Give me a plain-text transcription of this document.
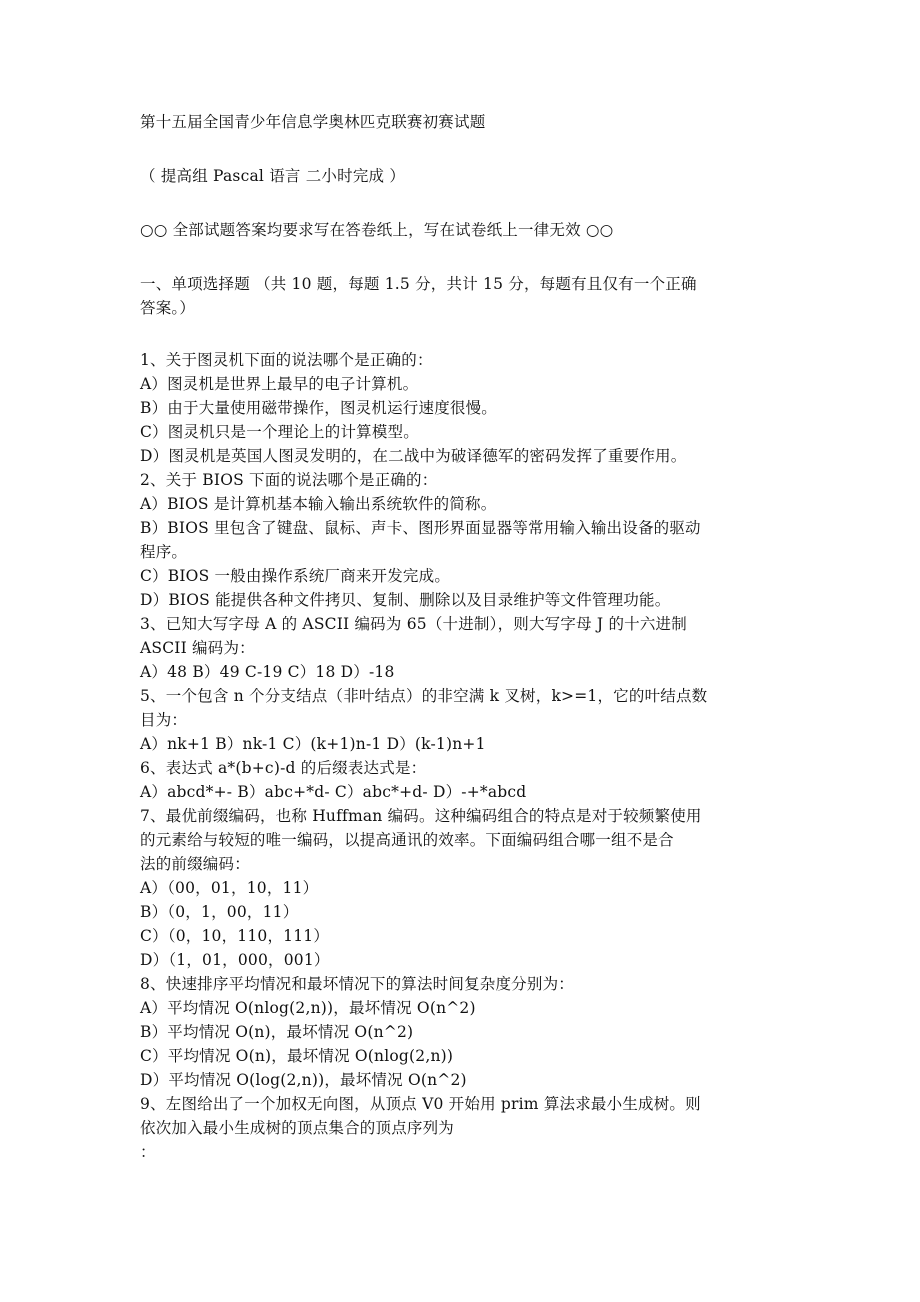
第十五届全国青少年信息学奥林匹克联赛初赛试题
（ 提高组 Pascal 语言 二小时完成 ）
○○ 全部试题答案均要求写在答卷纸上，写在试卷纸上一律无效 ○○
一、单项选择题 （共 10 题，每题 1.5 分，共计 15 分，每题有且仅有一个正确
答案。）
1、关于图灵机下面的说法哪个是正确的：
A）图灵机是世界上最早的电子计算机。
B）由于大量使用磁带操作，图灵机运行速度很慢。
C）图灵机只是一个理论上的计算模型。
D）图灵机是英国人图灵发明的，在二战中为破译德军的密码发挥了重要作用。
2、关于 BIOS 下面的说法哪个是正确的：
A）BIOS 是计算机基本输入输出系统软件的简称。
B）BIOS 里包含了键盘、鼠标、声卡、图形界面显器等常用输入输出设备的驱动
程序。
C）BIOS 一般由操作系统厂商来开发完成。
D）BIOS 能提供各种文件拷贝、复制、删除以及目录维护等文件管理功能。
3、已知大写字母 A 的 ASCII 编码为 65（十进制），则大写字母 J 的十六进制
ASCII 编码为：
A）48 B）49 C-19 C）18 D）-18
5、一个包含 n 个分支结点（非叶结点）的非空满 k 叉树，k>=1，它的叶结点数
目为：
A）nk+1 B）nk-1 C）(k+1)n-1 D）(k-1)n+1
6、表达式 a*(b+c)-d 的后缀表达式是：
A）abcd*+- B）abc+*d- C）abc*+d- D）-+*abcd
7、最优前缀编码，也称 Huffman 编码。这种编码组合的特点是对于较频繁使用
的元素给与较短的唯一编码，以提高通讯的效率。下面编码组合哪一组不是合
法的前缀编码：
A）（00，01，10，11）
B）（0，1，00，11）
C）（0，10，110，111）
D）（1，01，000，001）
8、快速排序平均情况和最坏情况下的算法时间复杂度分别为：
A）平均情况 O(nlog(2,n))，最坏情况 O(n^2)
B）平均情况 O(n)，最坏情况 O(n^2)
C）平均情况 O(n)，最坏情况 O(nlog(2,n))
D）平均情况 O(log(2,n))，最坏情况 O(n^2)
9、左图给出了一个加权无向图，从顶点 V0 开始用 prim 算法求最小生成树。则
依次加入最小生成树的顶点集合的顶点序列为
：
